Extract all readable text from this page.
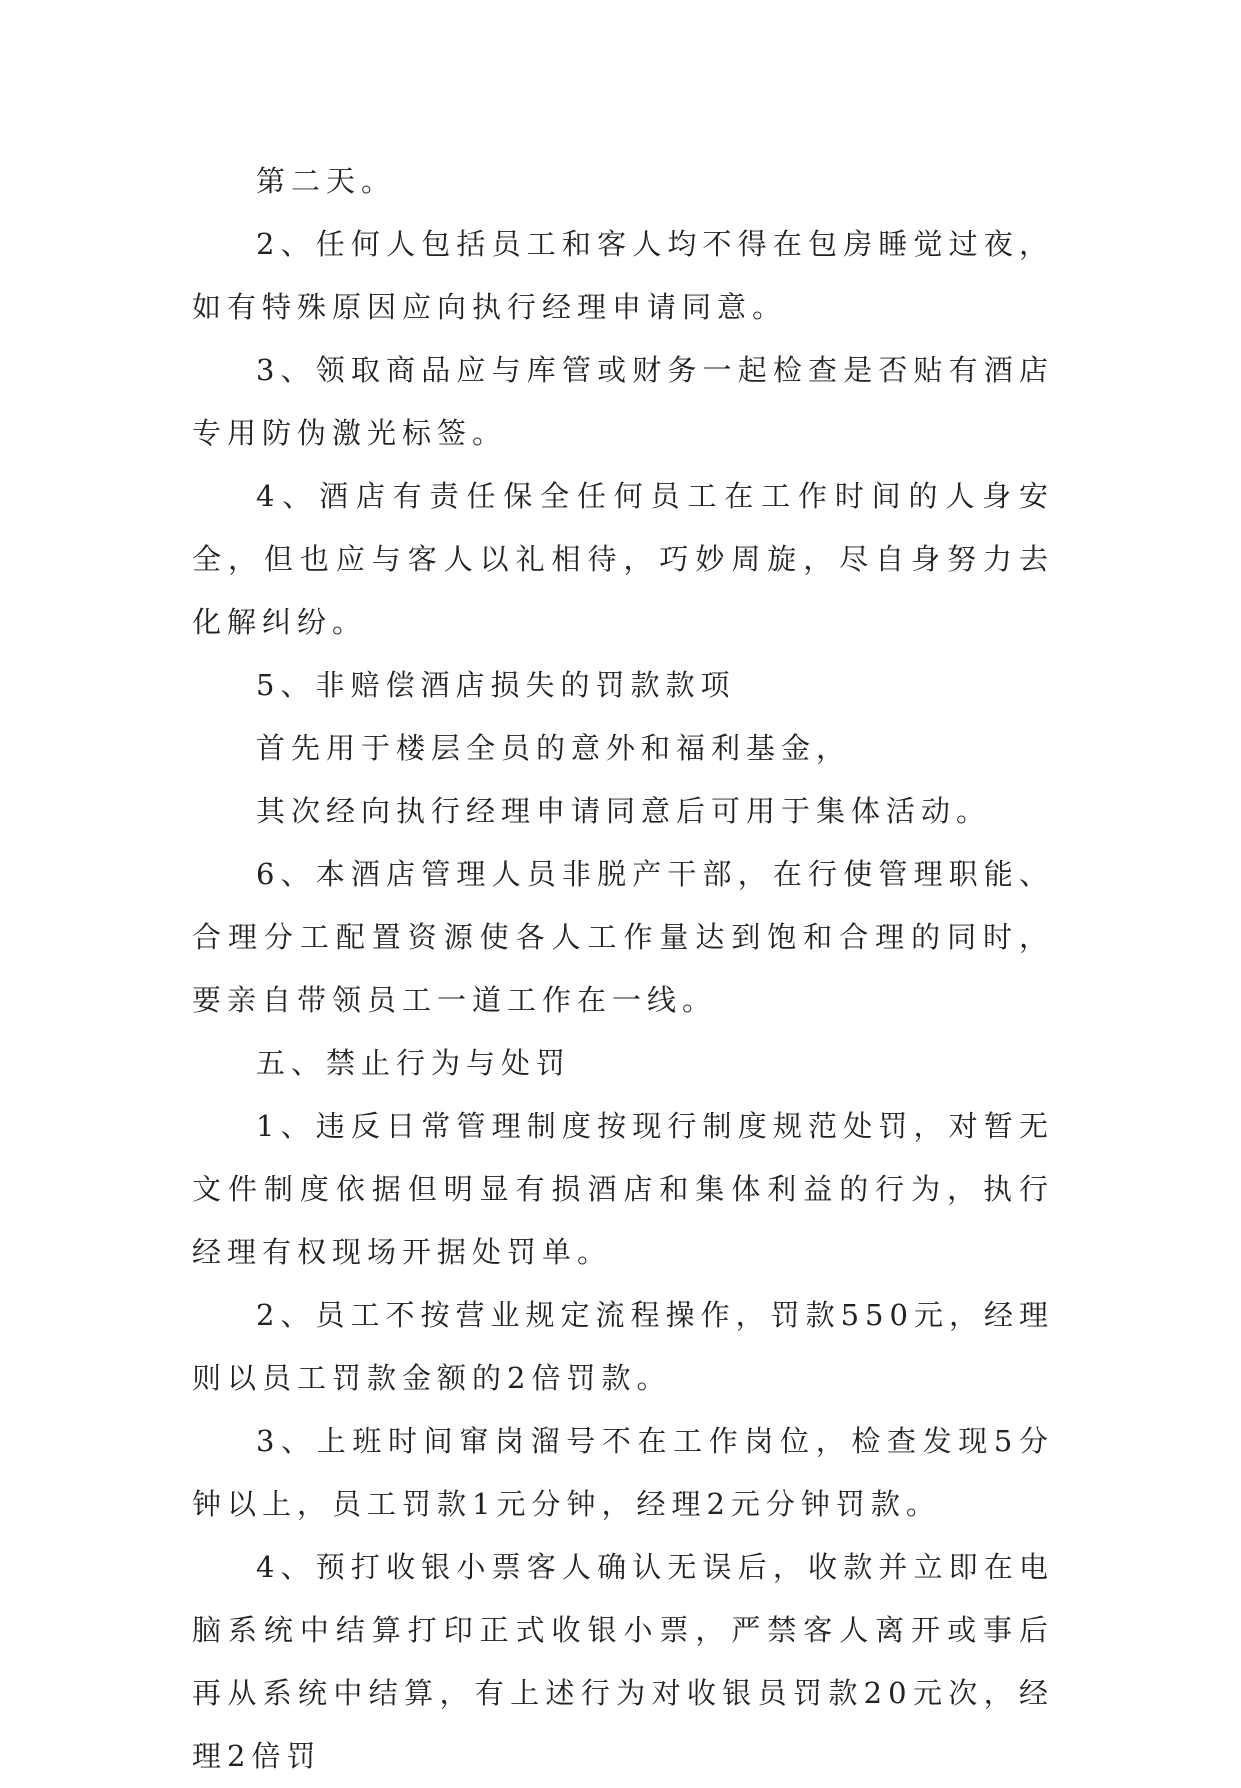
第二天。

2、任何人包括员工和客人均不得在包房睡觉过夜，如有特殊原因应向执行经理申请同意。

3、领取商品应与库管或财务一起检查是否贴有酒店专用防伪激光标签。

4、酒店有责任保全任何员工在工作时间的人身安全，但也应与客人以礼相待，巧妙周旋，尽自身努力去化解纠纷。

5、非赔偿酒店损失的罚款款项

首先用于楼层全员的意外和福利基金，

其次经向执行经理申请同意后可用于集体活动。

6、本酒店管理人员非脱产干部，在行使管理职能、合理分工配置资源使各人工作量达到饱和合理的同时，要亲自带领员工一道工作在一线。

五、禁止行为与处罚

1、违反日常管理制度按现行制度规范处罚，对暂无文件制度依据但明显有损酒店和集体利益的行为，执行经理有权现场开据处罚单。

2、员工不按营业规定流程操作，罚款550元，经理则以员工罚款金额的2倍罚款。

3、上班时间窜岗溜号不在工作岗位，检查发现5分钟以上，员工罚款1元分钟，经理2元分钟罚款。

4、预打收银小票客人确认无误后，收款并立即在电脑系统中结算打印正式收银小票，严禁客人离开或事后再从系统中结算，有上述行为对收银员罚款20元次，经理2倍罚
